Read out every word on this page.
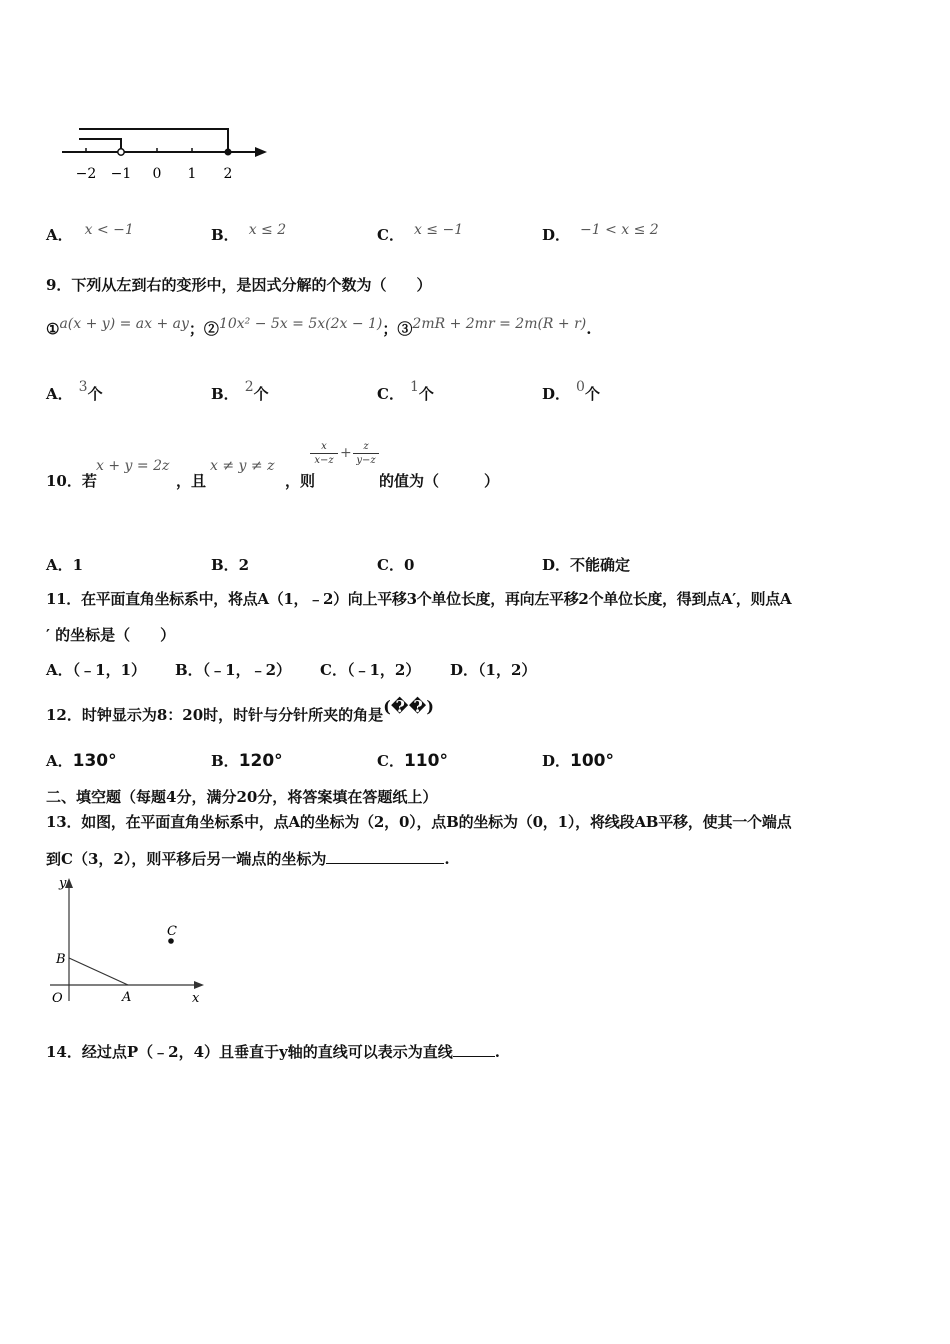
−2 −1 0 1 2
A． x < −1	B． x ≤ 2	C． x ≤ −1	D． −1 < x ≤ 2
9．下列从左到右的变形中，是因式分解的个数为（　　）
①a(x + y) = ax + ay；②10x² − 5x = 5x(2x − 1)；③2mR + 2mr = 2m(R + r).
A． 3个	B． 2个	C． 1个	D． 0个
10．若
x + y = 2z
，且
x ≠ y ≠ z
，则
$\frac{x}{x-z} + \frac{z}{y-z}$
的值为（　　　）
A．1	B．2	C．0	D．不能确定
11．在平面直角坐标系中，将点A（1，﹣2）向上平移3个单位长度，再向左平移2个单位长度，得到点A′，则点A
′ 的坐标是（　　）
A．（﹣1，1） B．（﹣1，﹣2） C．（﹣1，2） D．（1，2）
12．时钟显示为8：20时，时针与分针所夹的角是(��)
A．130°	B．120°	C．110°	D．100°
二、填空题（每题4分，满分20分，将答案填在答题纸上）
13．如图，在平面直角坐标系中，点A的坐标为（2，0），点B的坐标为（0，1），将线段AB平移，使其一个端点
到C（3，2），则平移后另一端点的坐标为	.
y
x
O	A
B
C
14．经过点P（﹣2，4）且垂直于y轴的直线可以表示为直线	.
